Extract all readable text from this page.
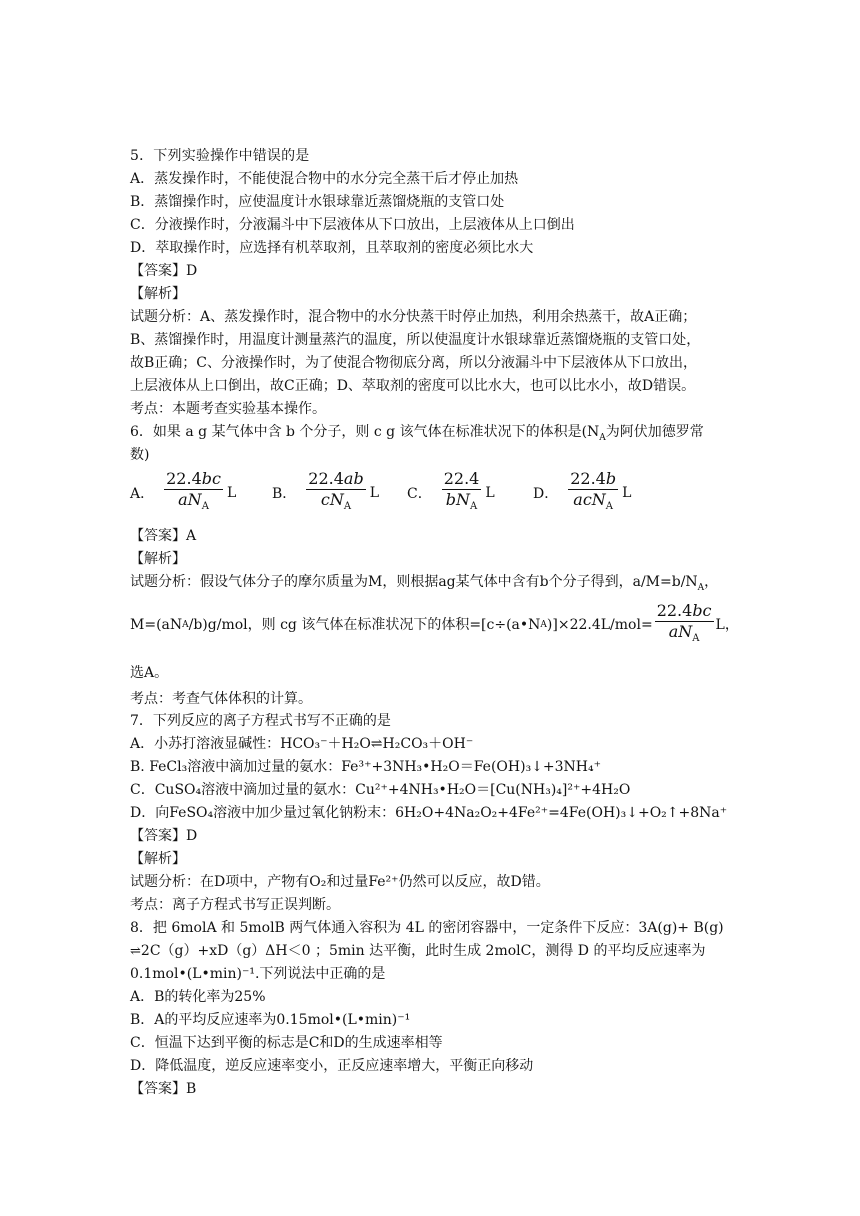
5．下列实验操作中错误的是
A．蒸发操作时，不能使混合物中的水分完全蒸干后才停止加热
B．蒸馏操作时，应使温度计水银球靠近蒸馏烧瓶的支管口处
C．分液操作时，分液漏斗中下层液体从下口放出，上层液体从上口倒出
D．萃取操作时，应选择有机萃取剂，且萃取剂的密度必须比水大
【答案】D
【解析】
试题分析：A、蒸发操作时，混合物中的水分快蒸干时停止加热，利用余热蒸干，故A正确；
B、蒸馏操作时，用温度计测量蒸汽的温度，所以使温度计水银球靠近蒸馏烧瓶的支管口处，
故B正确；C、分液操作时，为了使混合物彻底分离，所以分液漏斗中下层液体从下口放出，
上层液体从上口倒出，故C正确；D、萃取剂的密度可以比水大，也可以比水小，故D错误。
考点：本题考查实验基本操作。
6．如果 a g 某气体中含 b 个分子，则 c g 该气体在标准状况下的体积是($N_A$为阿伏加德罗常
数)
A． $\frac{22.4bc}{aN_A}$ L	B． $\frac{22.4ab}{cN_A}$ L C． $\frac{22.4}{bN_A}$ L	D． $\frac{22.4b}{acN_A}$ L
【答案】A
【解析】
试题分析：假设气体分子的摩尔质量为M，则根据ag某气体中含有b个分子得到，$a/M=b/N_A$，
M=(aN A /b)g/mol，则 cg 该气体在标准状况下的体积=[c÷(a•N A )]$\times 22.4L/mol= \frac{22.4bc}{aN_A}$ L，
选A。
考点：考查气体体积的计算。
7．下列反应的离子方程式书写不正确的是
A．小苏打溶液显碱性：HCO₃⁻＋H₂O⇌H₂CO₃＋OH⁻
B. FeCl₃溶液中滴加过量的氨水：Fe³⁺+3NH₃•H₂O＝Fe(OH)₃↓+3NH₄⁺
C．CuSO₄溶液中滴加过量的氨水：Cu²⁺+4NH₃•H₂O＝[Cu(NH₃)₄]²⁺+4H₂O
D．向FeSO₄溶液中加少量过氧化钠粉末：6H₂O+4Na₂O₂+4Fe²⁺=4Fe(OH)₃↓+O₂↑+8Na⁺
【答案】D
【解析】
试题分析：在D项中，产物有O₂和过量Fe²⁺仍然可以反应，故D错。
考点：离子方程式书写正误判断。
8．把 6molA 和 5molB 两气体通入容积为 4L 的密闭容器中，一定条件下反应：3A(g)+ B(g)
⇌2C（g）+xD（g）ΔH＜0 ；5min 达平衡，此时生成 2molC，测得 D 的平均反应速率为
0.1mol•(L•min)⁻¹.下列说法中正确的是
A．B的转化率为25%
B．A的平均反应速率为0.15mol•(L•min)⁻¹
C．恒温下达到平衡的标志是C和D的生成速率相等
D．降低温度，逆反应速率变小，正反应速率增大，平衡正向移动
【答案】B
